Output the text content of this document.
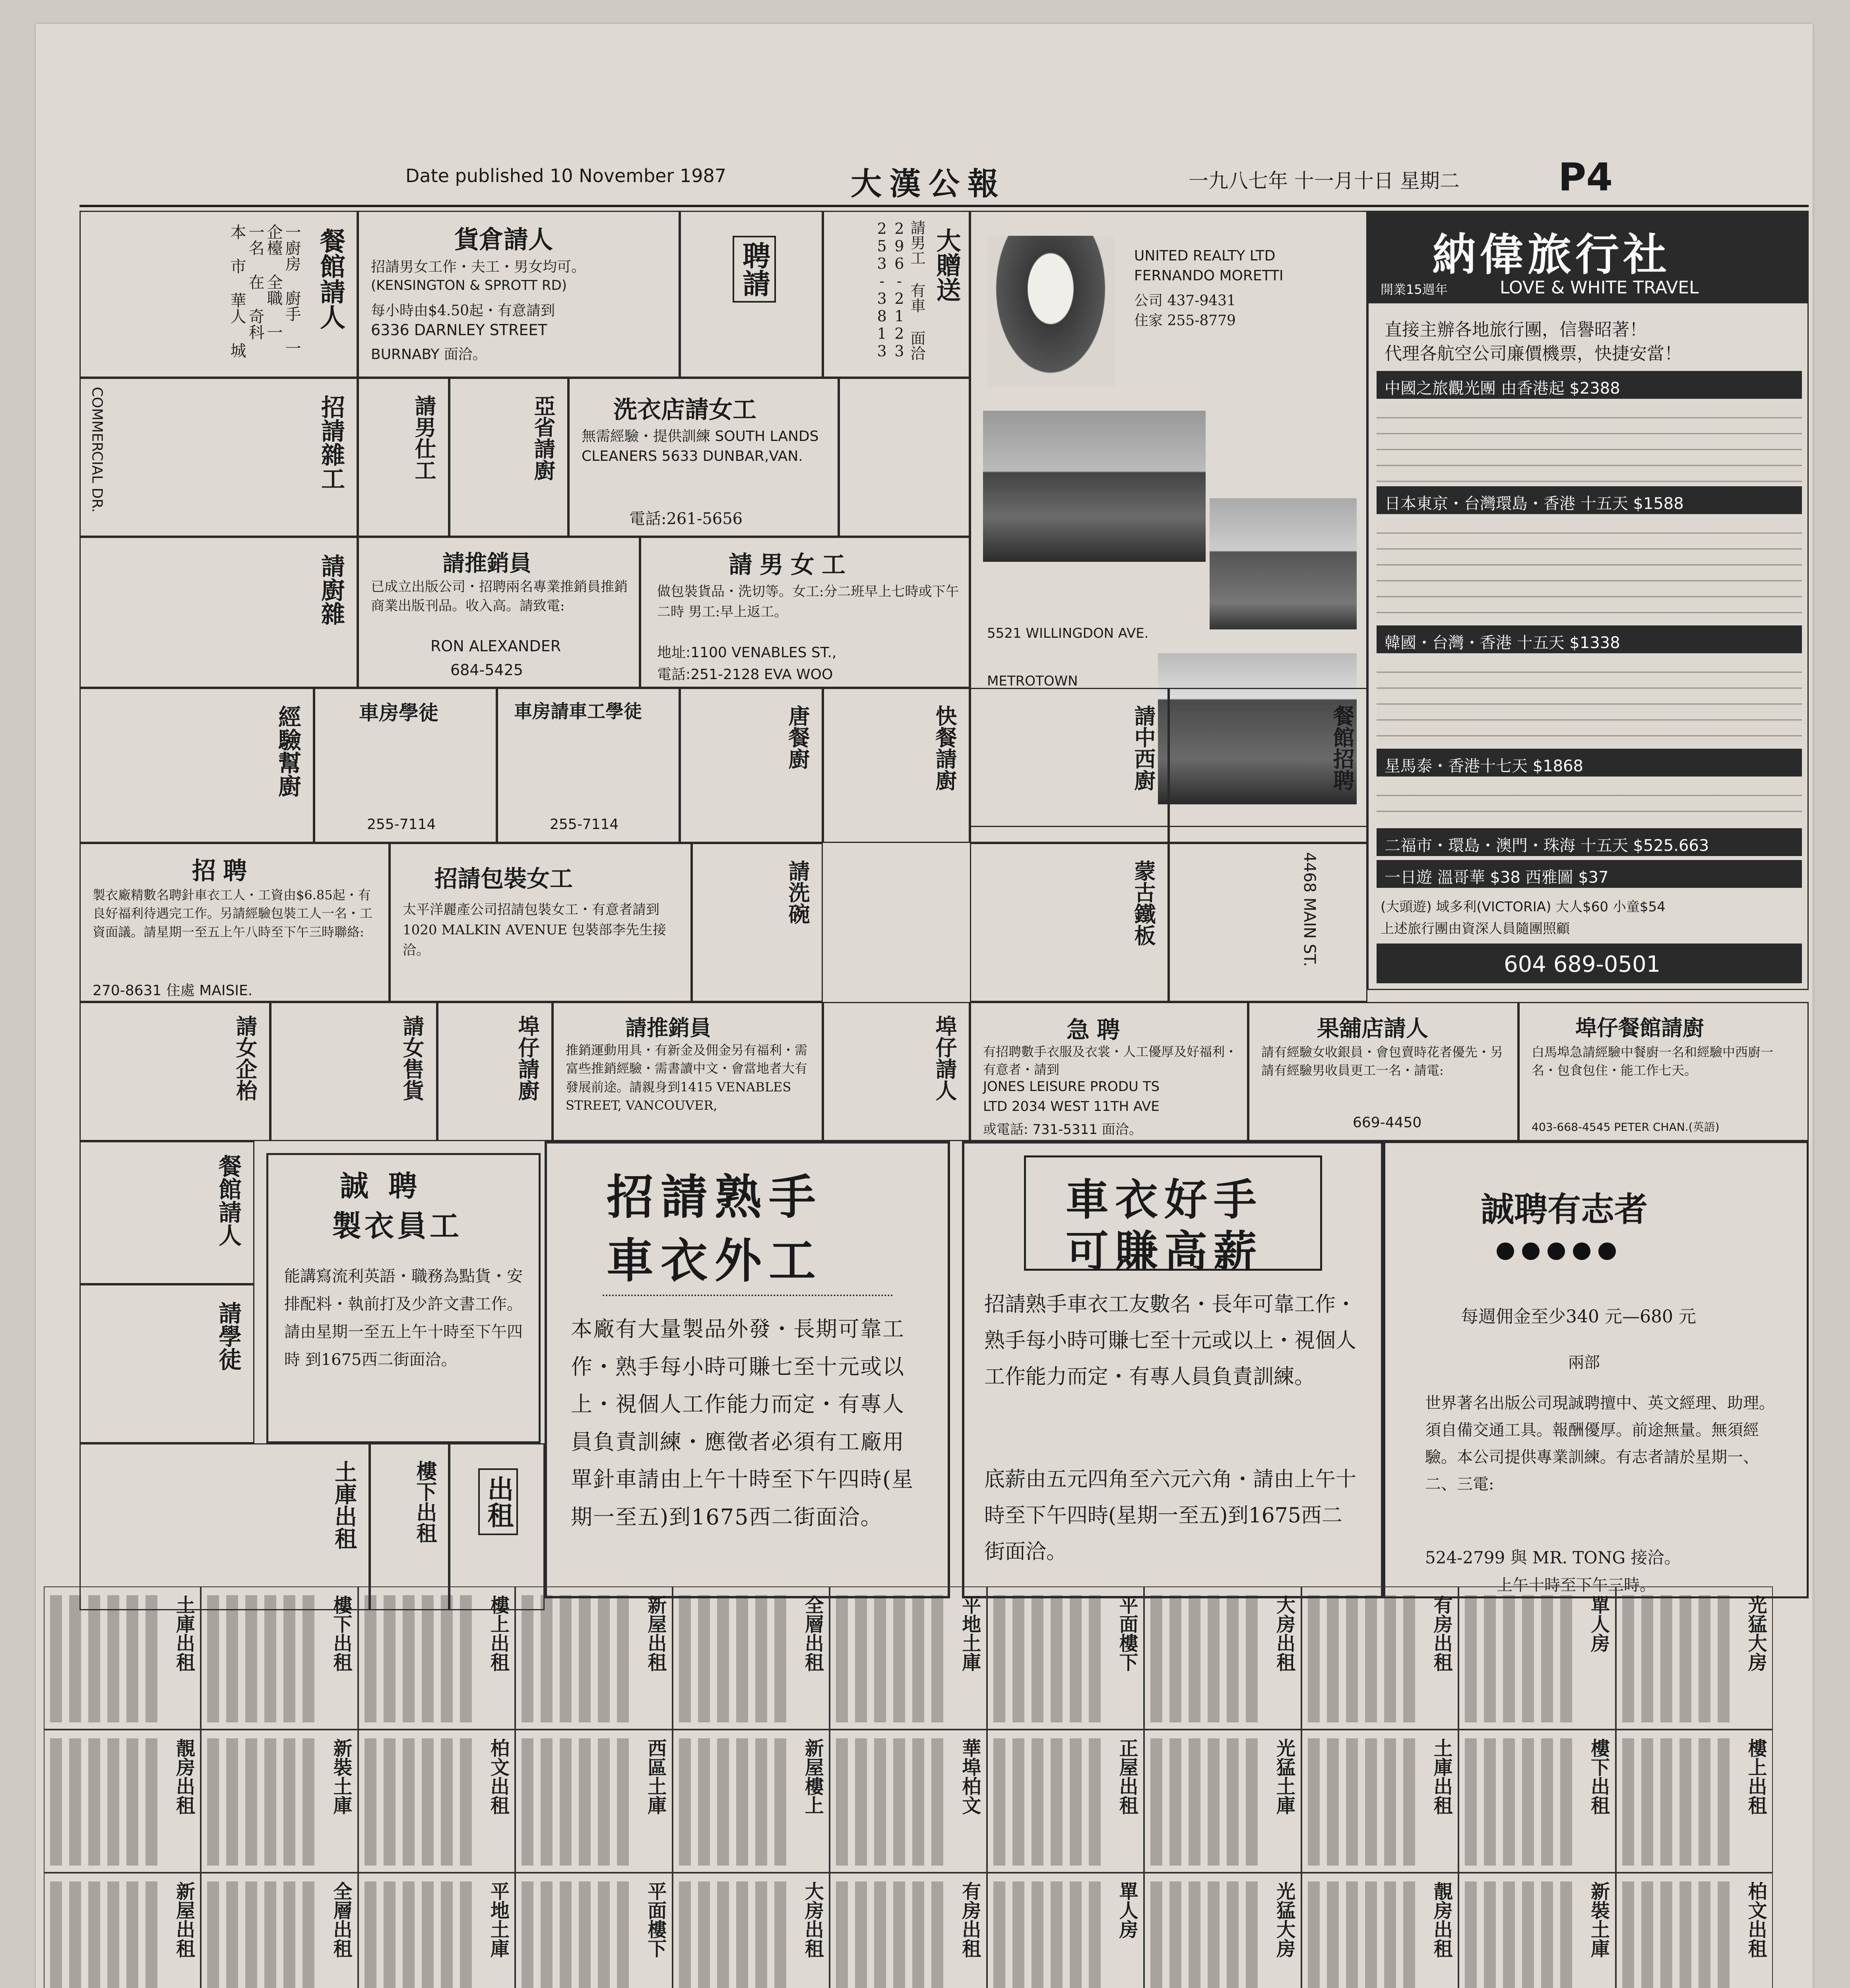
Date published 10 November 1987	大漢公報	一九八七年 十一月十日 星期二	P4
餐館請人
一廚房 廚手 一 企檯 全職 一 一名 在 奇科 本 市 華人 城	貨倉請人
招請男女工作・夫工・男女均可。
(KENSINGTON & SPROTT RD)
每小時由$4.50起・有意請到
6336 DARNLEY STREET
BURNABY 面洽。
聘請	大贈送
請男工 有車 面洽 296-2123 253-3813	UNITED REALTY LTD
FERNANDO MORETTI
公司 437-9431
住家 255-8779
5521 WILLINGDON AVE.
METROTOWN
納偉旅行社
開業15週年	LOVE & WHITE TRAVEL
直接主辦各地旅行團，信譽昭著！
代理各航空公司廉價機票，快捷安當！
中國之旅觀光團 由香港起 $2388
日本東京・台灣環島・香港 十五天 $1588
韓國・台灣・香港 十五天 $1338
星馬泰・香港十七天 $1868
二福市・環島・澳門・珠海 十五天 $525.663
一日遊 溫哥華 $38 西雅圖 $37
(大頭遊) 域多利(VICTORIA) 大人$60 小童$54
上述旅行團由資深人員隨團照顧
604 689-0501
招請雜工
COMMERCIAL DR.	請男仕工	亞省請廚 洗衣店請女工
無需經驗・提供訓練 SOUTH LANDS CLEANERS 5633 DUNBAR,VAN.
電話:261-5656
請廚雜	請推銷員
已成立出版公司・招聘兩名專業推銷員推銷商業出版刊品。收入高。請致電:
RON ALEXANDER
684-5425
請男女工
做包裝貨品・洗切等。女工:分二班早上七時或下午二時 男工:早上返工。
地址:1100 VENABLES ST.,
電話:251-2128 EVA WOO
經驗幫廚	車房學徒
255-7114
車房請車工學徒
255-7114
唐餐廚	快餐請廚	請中西廚	餐館招聘
招聘
製衣廠精數名聘針車衣工人・工資由$6.85起・有良好福利待遇完工作。另請經驗包裝工人一名・工資面議。請星期一至五上午八時至下午三時聯絡:
270-8631 住處 MAISIE.
招請包裝女工
太平洋麗產公司招請包裝女工・有意者請到 1020 MALKIN AVENUE 包裝部李先生接洽。
請洗碗	蒙古鐵板	4468 MAIN ST.
請女企枱	請女售貨	埠仔請廚	請推銷員
推銷運動用具・有新金及佣金另有福利・需富些推銷經驗・需書讀中文・會當地者大有發展前途。請親身到1415 VENABLES STREET, VANCOUVER,
埠仔請人	急聘
有招聘數手衣服及衣裳・人工優厚及好福利・有意者・請到
JONES LEISURE PRODU TS
LTD 2034 WEST 11TH AVE
或電話: 731-5311 面洽。
果舖店請人
請有經驗女收銀員・會包賣時花者優先・另請有經驗男收員更工一名・請電:
669-4450
埠仔餐館請廚
白馬埠急請經驗中餐廚一名和經驗中西廚一名・包食包住・能工作七天。
403-668-4545 PETER CHAN.(英語)
餐館請人
請學徒
誠聘
製衣員工
能講寫流利英語・職務為點貨・安排配料・執前打及少許文書工作。請由星期一至五上午十時至下午四時 到1675西二街面洽。
招請熟手
車衣外工
本廠有大量製品外發・長期可靠工作・熟手每小時可賺七至十元或以上・視個人工作能力而定・有專人員負責訓練・應徵者必須有工廠用單針車請由上午十時至下午四時(星期一至五)到1675西二街面洽。
車衣好手
可賺高薪
招請熟手車衣工友數名・長年可靠工作・熟手每小時可賺七至十元或以上・視個人工作能力而定・有專人員負責訓練。
底薪由五元四角至六元六角・請由上午十時至下午四時(星期一至五)到1675西二街面洽。
誠聘有志者
每週佣金至少340 元—680 元
兩部
世界著名出版公司現誠聘擅中、英文經理、助理。須自備交通工具。報酬優厚。前途無量。無須經驗。本公司提供專業訓練。有志者請於星期一、二、三電:
524-2799 與 MR. TONG 接洽。
上午十時至下午三時。
土庫出租	樓下出租 出租
土庫出租	樓下出租	樓上出租	新屋出租	全層出租	平地土庫	平面樓下	大房出租	有房出租	單人房	光猛大房
靚房出租	新裝土庫	柏文出租	西區土庫	新屋樓上	華埠柏文	正屋出租	光猛土庫	土庫出租	樓下出租	樓上出租
新屋出租	全層出租	平地土庫	平面樓下	大房出租	有房出租	單人房	光猛大房	靚房出租	新裝土庫	柏文出租
